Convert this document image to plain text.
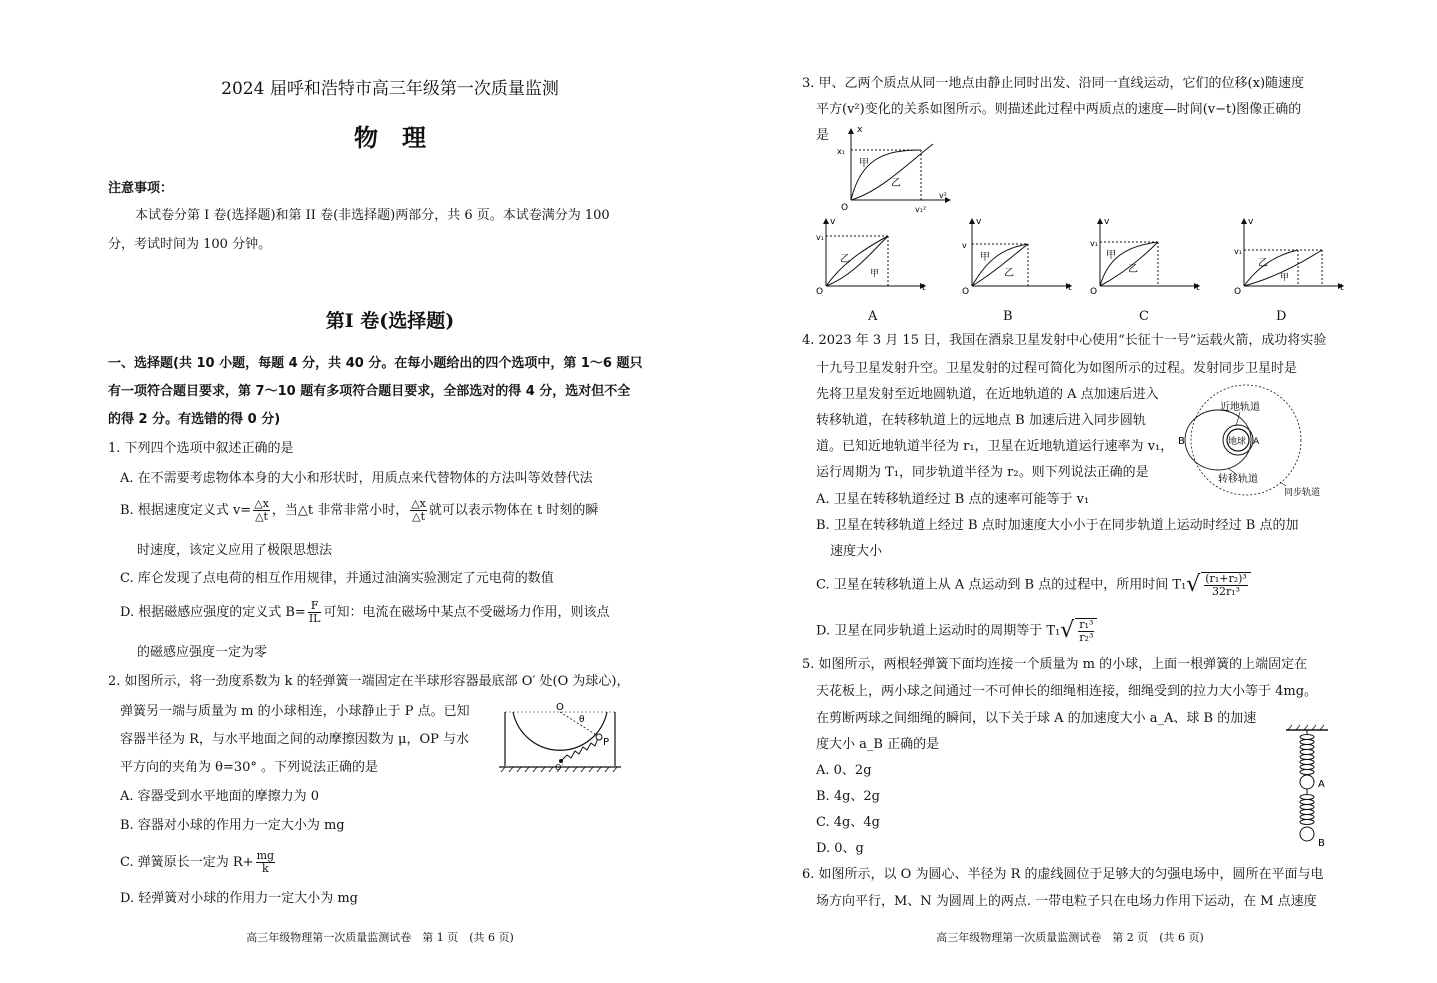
2024 届呼和浩特市高三年级第一次质量监测
物　理
注意事项：
本试卷分第 I 卷(选择题)和第 II 卷(非选择题)两部分，共 6 页。本试卷满分为 100
分，考试时间为 100 分钟。
第I 卷(选择题)
一、选择题(共 10 小题，每题 4 分，共 40 分。在每小题给出的四个选项中，第 1～6 题只
有一项符合题目要求，第 7～10 题有多项符合题目要求，全部选对的得 4 分，选对但不全
的得 2 分。有选错的得 0 分)
1. 下列四个选项中叙述正确的是
A. 在不需要考虑物体本身的大小和形状时，用质点来代替物体的方法叫等效替代法
B. 根据速度定义式 $v= \frac{\triangle x}{\triangle t}$ ，当△t 非常非常小时， $\frac{\triangle x}{\triangle t}$ 就可以表示物体在 t 时刻的瞬
时速度，该定义应用了极限思想法
C. 库仑发现了点电荷的相互作用规律，并通过油滴实验测定了元电荷的数值
D. 根据磁感应强度的定义式 $B= \frac{F}{IL}$ 可知：电流在磁场中某点不受磁场力作用，则该点
的磁感应强度一定为零
2. 如图所示，将一劲度系数为 k 的轻弹簧一端固定在半球形容器最底部 O′ 处(O 为球心)，
弹簧另一端与质量为 m 的小球相连，小球静止于 P 点。已知
容器半径为 R，与水平地面之间的动摩擦因数为 μ，OP 与水
平方向的夹角为 θ=30° 。下列说法正确的是
A. 容器受到水平地面的摩擦力为 0
B. 容器对小球的作用力一定大小为 mg
C. 弹簧原长一定为 $R+ \frac{mg}{k}$
D. 轻弹簧对小球的作用力一定大小为 mg
O
θ
P
O′
高三年级物理第一次质量监测试卷　第 1 页　(共 6 页)
3. 甲、乙两个质点从同一地点由静止同时出发、沿同一直线运动，它们的位移(x)随速度
平方(v²)变化的关系如图所示。则描述此过程中两质点的速度—时间(v−t)图像正确的
是	x
x₁
v²
v₁²
O
甲
乙
v
v₁
t
O
乙
甲
v
v
t
O
甲
乙
v
v₁
t
O
甲
乙
v
v₁
t
O
乙
甲
A	B	C	D
4. 2023 年 3 月 15 日，我国在酒泉卫星发射中心使用“长征十一号”运载火箭，成功将实验
十九号卫星发射升空。卫星发射的过程可简化为如图所示的过程。发射同步卫星时是
先将卫星发射至近地圆轨道，在近地轨道的 A 点加速后进入
转移轨道，在转移轨道上的远地点 B 加速后进入同步圆轨
道。已知近地轨道半径为 r₁，卫星在近地轨道运行速率为 v₁，
运行周期为 T₁，同步轨道半径为 r₂。则下列说法正确的是
A. 卫星在转移轨道经过 B 点的速率可能等于 v₁
B. 卫星在转移轨道上经过 B 点时加速度大小小于在同步轨道上运动时经过 B 点的加
速度大小
C. 卫星在转移轨道上从 A 点运动到 B 点的过程中，所用时间 $T_1√ \frac{\text{(r₁+r₂)³}}{\text{32r₁³}}$
D. 卫星在同步轨道上运动时的周期等于 $T_1√ \frac{\text{r₁³}}{\text{r₂³}}$
近地轨道
地球 A
B
转移轨道
同步轨道
5. 如图所示，两根轻弹簧下面均连接一个质量为 m 的小球，上面一根弹簧的上端固定在
天花板上，两小球之间通过一不可伸长的细绳相连接，细绳受到的拉力大小等于 4mg。
在剪断两球之间细绳的瞬间，以下关于球 A 的加速度大小 a_A、球 B 的加速
度大小 a_B 正确的是
A. 0、2g
B. 4g、2g
C. 4g、4g
D. 0、g
A
B
6. 如图所示，以 O 为圆心、半径为 R 的虚线圆位于足够大的匀强电场中，圆所在平面与电
场方向平行，M、N 为圆周上的两点. 一带电粒子只在电场力作用下运动，在 M 点速度
高三年级物理第一次质量监测试卷　第 2 页　(共 6 页)
